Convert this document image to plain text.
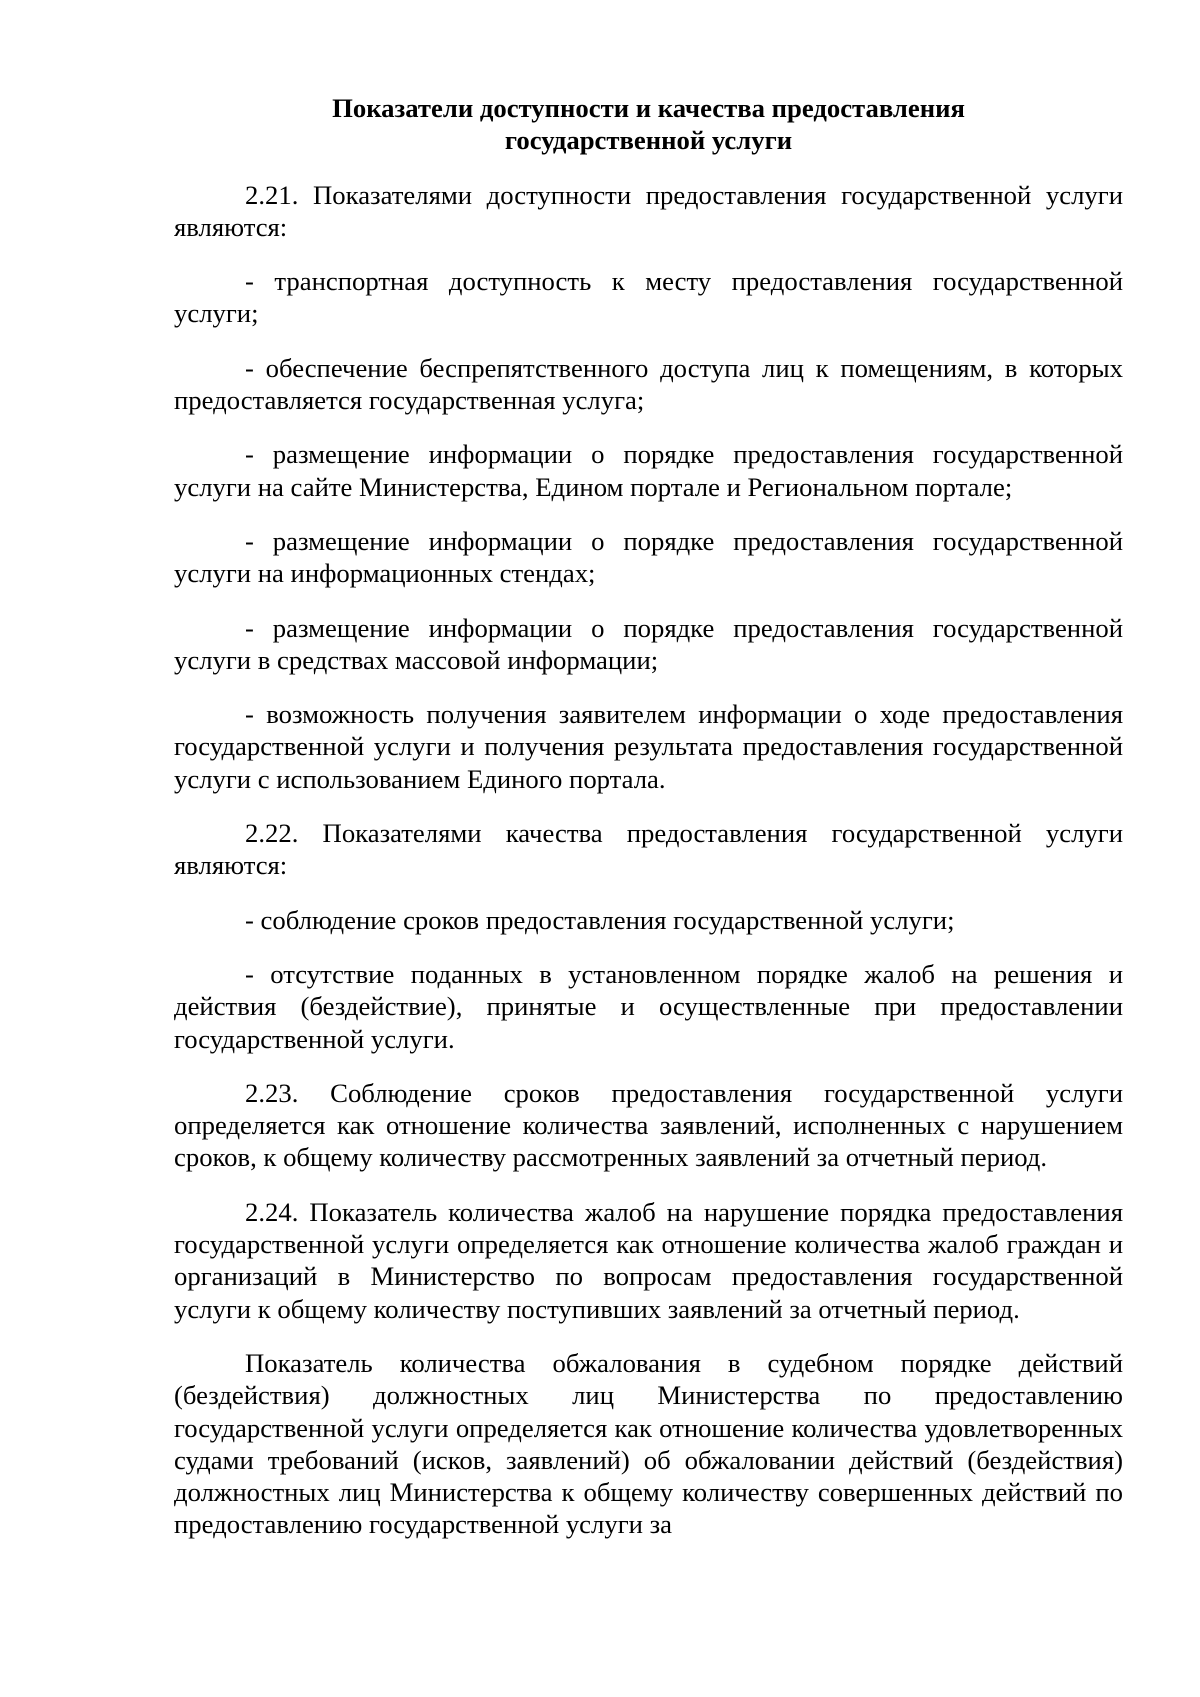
Показатели доступности и качества предоставления
государственной услуги

2.21. Показателями доступности предоставления государственной услуги являются:

- транспортная доступность к месту предоставления государственной услуги;

- обеспечение беспрепятственного доступа лиц к помещениям, в которых предоставляется государственная услуга;

- размещение информации о порядке предоставления государственной услуги на сайте Министерства, Едином портале и Региональном портале;

- размещение информации о порядке предоставления государственной услуги на информационных стендах;

- размещение информации о порядке предоставления государственной услуги в средствах массовой информации;

- возможность получения заявителем информации о ходе предоставления государственной услуги и получения результата предоставления государственной услуги с использованием Единого портала.

2.22. Показателями качества предоставления государственной услуги являются:

- соблюдение сроков предоставления государственной услуги;

- отсутствие поданных в установленном порядке жалоб на решения и действия (бездействие), принятые и осуществленные при предоставлении государственной услуги.

2.23. Соблюдение сроков предоставления государственной услуги определяется как отношение количества заявлений, исполненных с нарушением сроков, к общему количеству рассмотренных заявлений за отчетный период.

2.24. Показатель количества жалоб на нарушение порядка предоставления государственной услуги определяется как отношение количества жалоб граждан и организаций в Министерство по вопросам предоставления государственной услуги к общему количеству поступивших заявлений за отчетный период.

Показатель количества обжалования в судебном порядке действий (бездействия) должностных лиц Министерства по предоставлению государственной услуги определяется как отношение количества удовлетворенных судами требований (исков, заявлений) об обжаловании действий (бездействия) должностных лиц Министерства к общему количеству совершенных действий по предоставлению государственной услуги за
